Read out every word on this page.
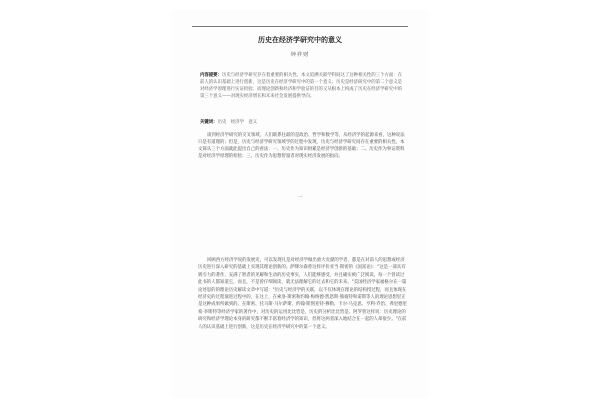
历史在经济学研究中的意义
钟祥财
内容提要：历史与经济学研究存在着重要的相关性。本文追溯关联学科间这了这种相关性的三个方面：在前人的认识基础上进行创新，这是历史在经济学研究中的第一个意义；历史是经济研究中的第二个意义是对经济学原理进行实证检验；而理论创新和经济和学验证的目的又从根本上构成了历史在经济学研究中的第三个意义——对现实经济增长和未来社会发展提供导向。
关键词：历史　经济学　意义

谈到经济学研究的交叉领域，人们联系往最的是政治、哲学和数学等，从经济学的起源来看，这种说法只是有道理的；但是，历史与经济学研究领域学的过程中发现，历史与经济学研究间存在重要的相关性。本文简从三个方面就此提出自己的看法：一、历史作为知识财累是经济学创新的基础；二、历史作为事证资料是对经济学原理的检验；三、历史作为思想智量者对现实经济发展的指向。

一

回顾西方经济学说的发展史，可以发现凡是对经济学做出重大贡献的学者，都是在对前人的思想或经济历史进行深入研究的基础上实现其理论创新的。萨缪尔森曾这样评价亚当·斯密的《国富论》："这是一部具有吸引力的著作，充满了智者的见解和生动的历史事实，人们能够感受，并且确实被广泛阅读。每一个曾读过此书的人都知道它，而且，不是曾仔细阅读，就无法理解它的过去和它的未来。"美国经济学家福格尔在一篇论述思的的理论历史解读文章中写道："历史与经济学的关联，以不仅体现在理论的结构授过程，而且体现在经济史的过程演进过程中的，在这上，在索洛·斯密和约翰·梅纳德·凯恩斯·熊彼特和诺斯等人的理论思想里正是这种成果所做到的。在斯密、托马斯·马尔萨斯、约翰·斯图亚特·穆勒、卡尔·马克思、亨利·乔治、弗里德里希·李斯特等经济学家的著作中，对历史的运用比比皆是，历史的分析比比皆是。阿罗曾这样说：历史理论的研究和经济学理论本身的研究都不断丰富着经济学的知识，但将这两者深入地结合在一起的人却很少。"在前人的认识基础上进行创新，这是历史在经济学研究中的第一个意义。
